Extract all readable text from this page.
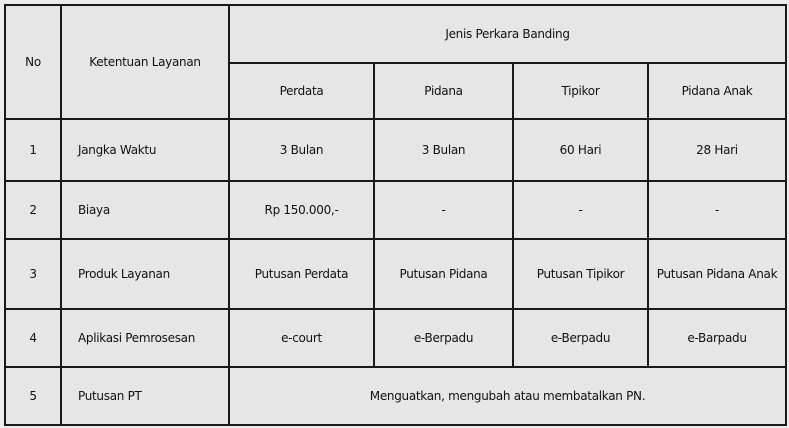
No	Ketentuan Layanan	Jenis Perkara Banding			
		Perdata	Pidana	Tipikor	Pidana Anak
1	Jangka Waktu	3 Bulan	3 Bulan	60 Hari	28 Hari
2	Biaya	Rp 150.000,-	-	-	-
3	Produk Layanan	Putusan Perdata	Putusan Pidana	Putusan Tipikor	Putusan Pidana Anak
4	Aplikasi Pemrosesan	e-court	e-Berpadu	e-Berpadu	e-Barpadu
5	Putusan PT	Menguatkan, mengubah atau membatalkan PN.			
